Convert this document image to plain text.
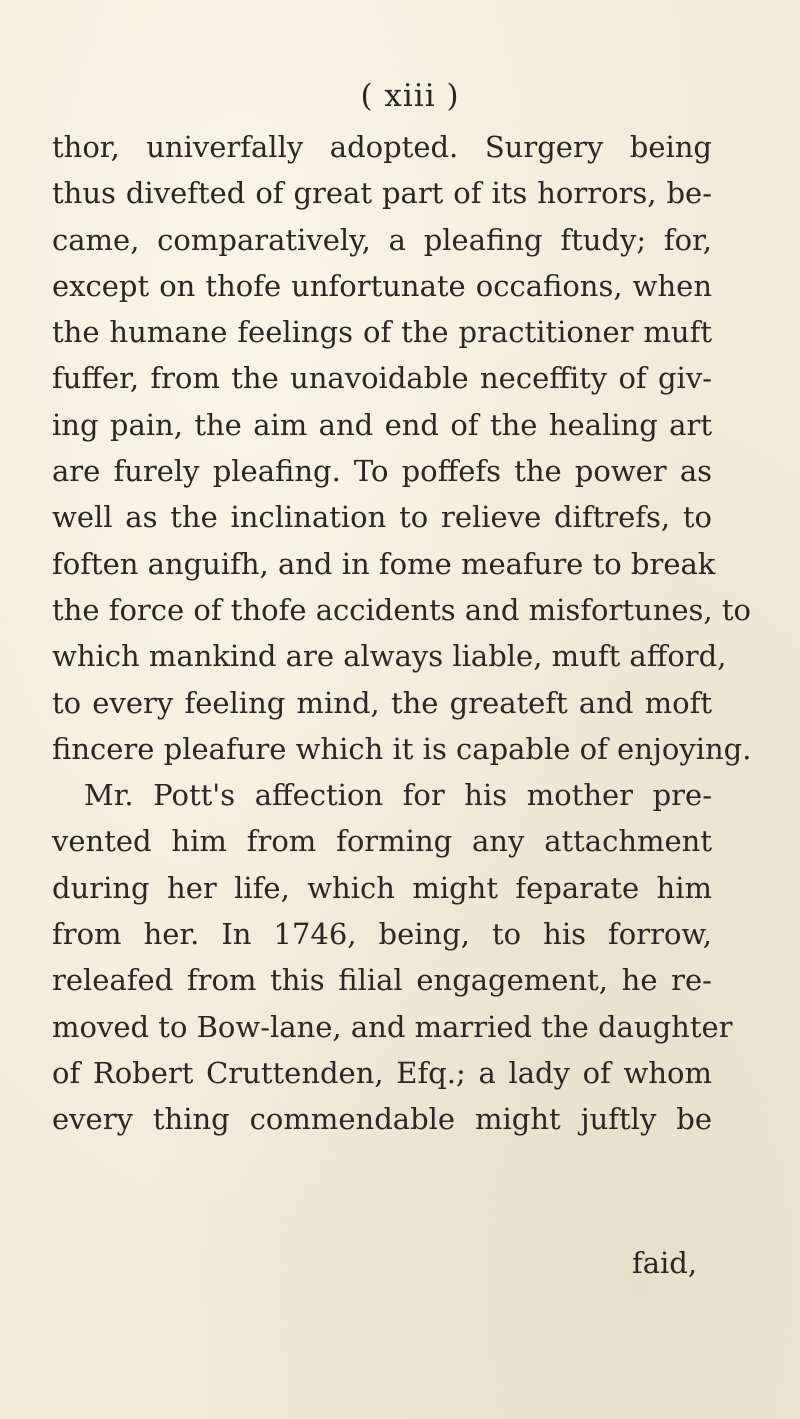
( xiii )
thor, univerfally adopted. Surgery being
thus divefted of great part of its horrors, be-
came, comparatively, a pleafing ftudy; for,
except on thofe unfortunate occafions, when
the humane feelings of the practitioner muft
fuffer, from the unavoidable neceffity of giv-
ing pain, the aim and end of the healing art
are furely pleafing. To poffefs the power as
well as the inclination to relieve diftrefs, to
foften anguifh, and in fome meafure to break
the force of thofe accidents and misfortunes, to
which mankind are always liable, muft afford,
to every feeling mind, the greateft and moft
fincere pleafure which it is capable of enjoying.
Mr. Pott's affection for his mother pre-
vented him from forming any attachment
during her life, which might feparate him
from her. In 1746, being, to his forrow,
releafed from this filial engagement, he re-
moved to Bow-lane, and married the daughter
of Robert Cruttenden, Efq.; a lady of whom
every thing commendable might juftly be
faid,
